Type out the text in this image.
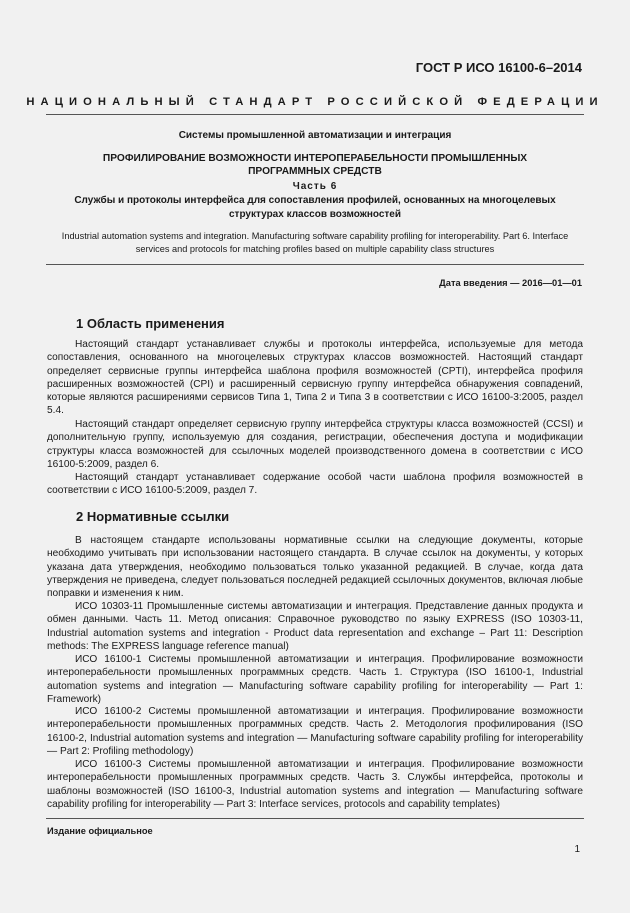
ГОСТ Р ИСО 16100-6–2014
НАЦИОНАЛЬНЫЙ СТАНДАРТ РОССИЙСКОЙ ФЕДЕРАЦИИ
Системы промышленной автоматизации и интеграция
ПРОФИЛИРОВАНИЕ ВОЗМОЖНОСТИ ИНТЕРОПЕРАБЕЛЬНОСТИ ПРОМЫШЛЕННЫХ ПРОГРАММНЫХ СРЕДСТВ
Часть 6
Службы и протоколы интерфейса для сопоставления профилей, основанных на многоцелевых структурах классов возможностей
Industrial automation systems and integration. Manufacturing software capability profiling for interoperability. Part 6. Interface services and protocols for matching profiles based on multiple capability class structures
Дата введения — 2016—01—01
1 Область применения

Настоящий стандарт устанавливает службы и протоколы интерфейса, используемые для метода сопоставления, основанного на многоцелевых структурах классов возможностей. Настоящий стандарт определяет сервисные группы интерфейса шаблона профиля возможностей (CPTI), интерфейса профиля расширенных возможностей (CPI) и расширенный сервисную группу интерфейса обнаружения совпадений, которые являются расширениями сервисов Типа 1, Типа 2 и Типа 3 в соответствии с ИСО 16100-3:2005, раздел 5.4.

Настоящий стандарт определяет сервисную группу интерфейса структуры класса возможностей (CCSI) и дополнительную группу, используемую для создания, регистрации, обеспечения доступа и модификации структуры класса возможностей для ссылочных моделей производственного домена в соответствии с ИСО 16100-5:2009, раздел 6.

Настоящий стандарт устанавливает содержание особой части шаблона профиля возможностей в соответствии с ИСО 16100-5:2009, раздел 7.

2 Нормативные ссылки

В настоящем стандарте использованы нормативные ссылки на следующие документы, которые необходимо учитывать при использовании настоящего стандарта. В случае ссылок на документы, у которых указана дата утверждения, необходимо пользоваться только указанной редакцией. В случае, когда дата утверждения не приведена, следует пользоваться последней редакцией ссылочных документов, включая любые поправки и изменения к ним.

ИСО 10303-11 Промышленные системы автоматизации и интеграция. Представление данных продукта и обмен данными. Часть 11. Метод описания: Справочное руководство по языку EXPRESS (ISO 10303-11, Industrial automation systems and integration - Product data representation and exchange – Part 11: Description methods: The EXPRESS language reference manual)

ИСО 16100-1 Системы промышленной автоматизации и интеграция. Профилирование возможности интероперабельности промышленных программных средств. Часть 1. Структура (ISO 16100-1, Industrial automation systems and integration — Manufacturing software capability profiling for interoperability — Part 1: Framework)

ИСО 16100-2 Системы промышленной автоматизации и интеграция. Профилирование возможности интероперабельности промышленных программных средств. Часть 2. Методология профилирования (ISO 16100-2, Industrial automation systems and integration — Manufacturing software capability profiling for interoperability — Part 2: Profiling methodology)

ИСО 16100-3 Системы промышленной автоматизации и интеграция. Профилирование возможности интероперабельности промышленных программных средств. Часть 3. Службы интерфейса, протоколы и шаблоны возможностей (ISO 16100-3, Industrial automation systems and integration — Manufacturing software capability profiling for interoperability — Part 3: Interface services, protocols and capability templates)

Издание официальное
1
